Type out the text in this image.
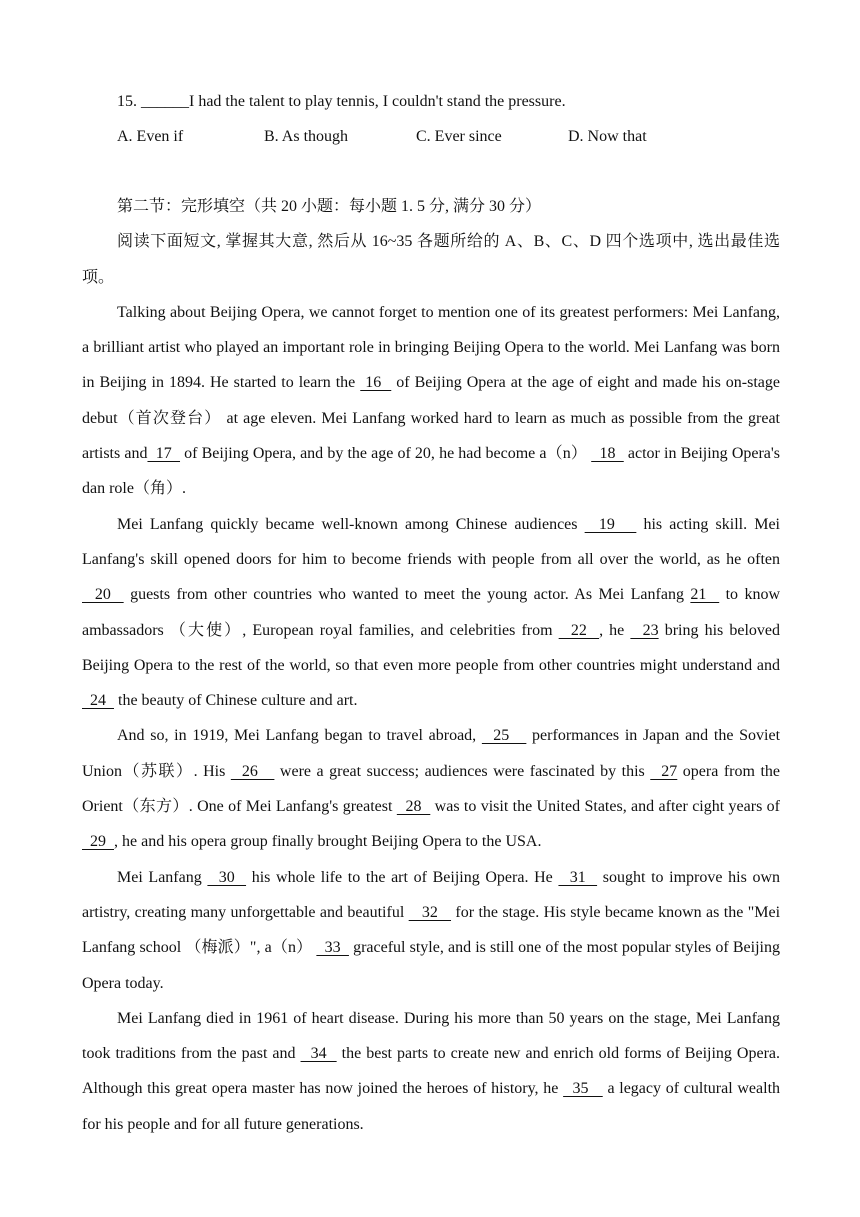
15. ______I had the talent to play tennis, I couldn't stand the pressure.

A. Even if	B. As though	C. Ever since	D. Now that

第二节：完形填空（共 20 小题：每小题 1. 5 分, 满分 30 分）

阅读下面短文, 掌握其大意, 然后从 16~35 各题所给的 A、B、C、D 四个选项中, 选出最佳选项。

Talking about Beijing Opera, we cannot forget to mention one of its greatest performers: Mei Lanfang, a brilliant artist who played an important role in bringing Beijing Opera to the world. Mei Lanfang was born in Beijing in 1894. He started to learn the  16   of Beijing Opera at the age of eight and made his on-stage debut（首次登台） at age eleven. Mei Lanfang worked hard to learn as much as possible from the great artists and  17   of Beijing Opera, and by the age of 20, he had become a（n）   18   actor in Beijing Opera's dan role（角）.

Mei Lanfang quickly became well-known among Chinese audiences   19    his acting skill. Mei Lanfang's skill opened doors for him to become friends with people from all over the world, as he often   20   guests from other countries who wanted to meet the young actor. As Mei Lanfang 21   to know ambassadors （大使）, European royal families, and celebrities from   22  , he   23 bring his beloved Beijing Opera to the rest of the world, so that even more people from other countries might understand and   24   the beauty of Chinese culture and art.

And so, in 1919, Mei Lanfang began to travel abroad,   25    performances in Japan and the Soviet Union（苏联）. His   26    were a great success; audiences were fascinated by this   27 opera from the Orient（东方）. One of Mei Lanfang's greatest   28   was to visit the United States, and after cight years of   29  , he and his opera group finally brought Beijing Opera to the USA.

Mei Lanfang   30   his whole life to the art of Beijing Opera. He   31   sought to improve his own artistry, creating many unforgettable and beautiful    32    for the stage. His style became known as the "Mei Lanfang school （梅派）", a（n）   33   graceful style, and is still one of the most popular styles of Beijing Opera today.

Mei Lanfang died in 1961 of heart disease. During his more than 50 years on the stage, Mei Lanfang took traditions from the past and   34   the best parts to create new and enrich old forms of Beijing Opera. Although this great opera master has now joined the heroes of history, he   35    a legacy of cultural wealth for his people and for all future generations.
